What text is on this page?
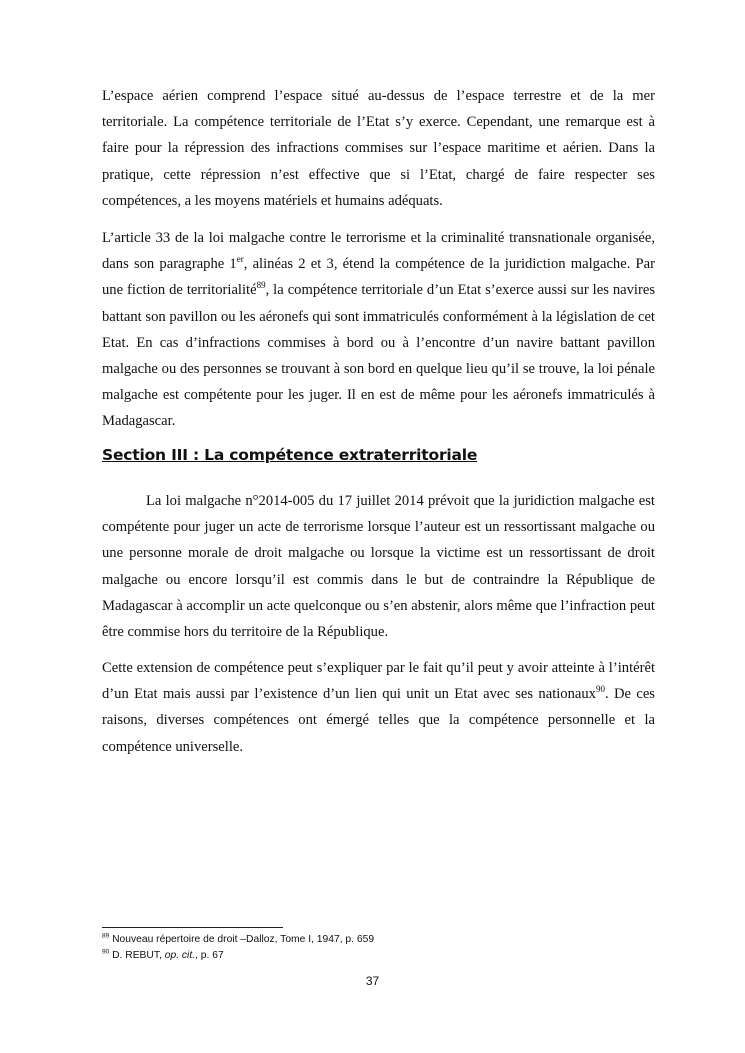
L’espace aérien comprend l’espace situé au-dessus de l’espace terrestre et de la mer territoriale. La compétence territoriale de l’Etat s’y exerce. Cependant, une remarque est à faire pour la répression des infractions commises sur l’espace maritime et aérien. Dans la pratique, cette répression n’est effective que si l’Etat, chargé de faire respecter ses compétences, a les moyens matériels et humains adéquats.

L’article 33 de la loi malgache contre le terrorisme et la criminalité transnationale organisée, dans son paragraphe 1er, alinéas 2 et 3, étend la compétence de la juridiction malgache. Par une fiction de territorialité$^{89}$, la compétence territoriale d’un Etat s’exerce aussi sur les navires battant son pavillon ou les aéronefs qui sont immatriculés conformément à la législation de cet Etat. En cas d’infractions commises à bord ou à l’encontre d’un navire battant pavillon malgache ou des personnes se trouvant à son bord en quelque lieu qu’il se trouve, la loi pénale malgache est compétente pour les juger. Il en est de même pour les aéronefs immatriculés à Madagascar.

Section III : La compétence extraterritoriale

La loi malgache n°2014-005 du 17 juillet 2014 prévoit que la juridiction malgache est compétente pour juger un acte de terrorisme lorsque l’auteur est un ressortissant malgache ou une personne morale de droit malgache ou lorsque la victime est un ressortissant de droit malgache ou encore lorsqu’il est commis dans le but de contraindre la République de Madagascar à accomplir un acte quelconque ou s’en abstenir, alors même que l’infraction peut être commise hors du territoire de la République.

Cette extension de compétence peut s’expliquer par le fait qu’il peut y avoir atteinte à l’intérêt d’un Etat mais aussi par l’existence d’un lien qui unit un Etat avec ses nationaux$^{90}$. De ces raisons, diverses compétences ont émergé telles que la compétence personnelle et la compétence universelle.

$^{89}$ Nouveau répertoire de droit –Dalloz, Tome I, 1947, p. 659

$^{90}$ D. REBUT, op. cit., p. 67

37
